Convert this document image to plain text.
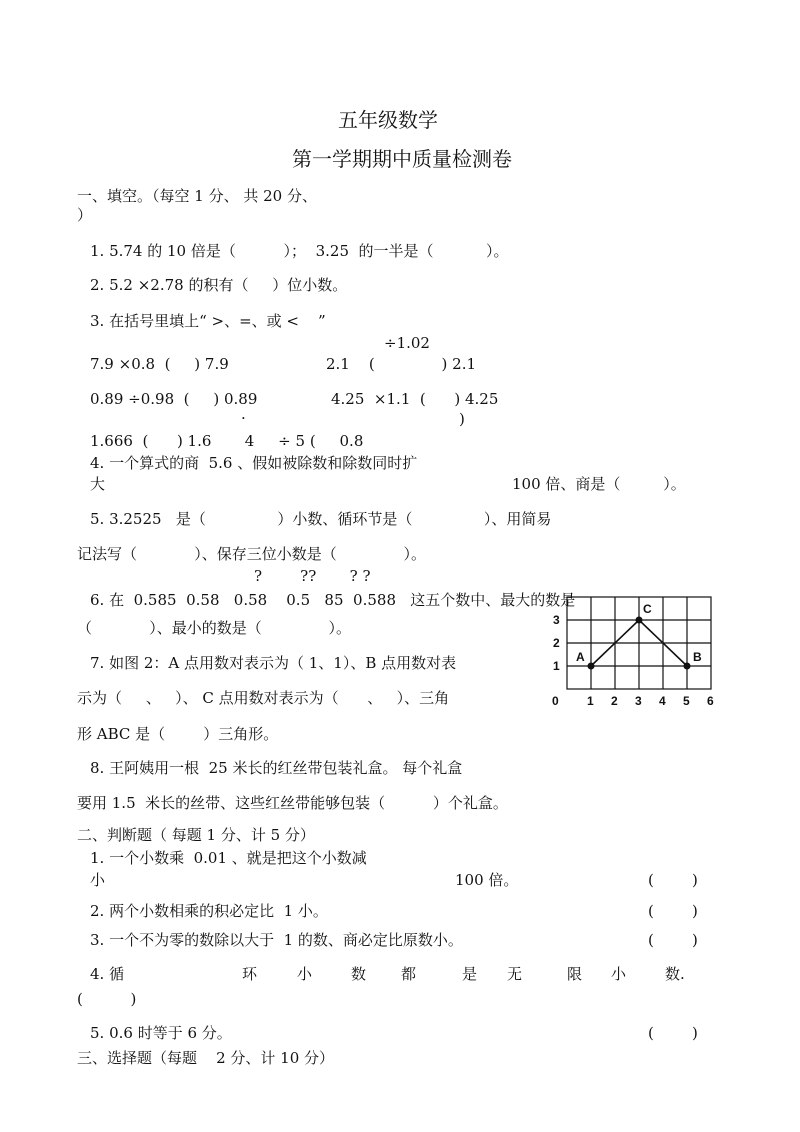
五年级数学
第一学期期中质量检测卷
一、填空。（每空 1 分、 共 20 分、
）
1. 5.74 的 10 倍是（          ）；  3.25  的一半是（           ）。
2. 5.2 ×2.78 的积有（     ）位小数。
3. 在括号里填上“ >、=、或 <    ”
÷1.02
7.9 ×0.8  (     ) 7.9	2.1    (              ) 2.1
0.89 ÷0.98  (     ) 0.89	4.25  ×1.1  (      ) 4.25
·	)
1.666  (      ) 1.6       4     ÷ 5 (     0.8
4. 一个算式的商  5.6 、假如被除数和除数同时扩
大	100 倍、商是（         ）。
5. 3.2525   是（               ）小数、循环节是（               ）、用简易
记法写（            ）、保存三位小数是（              ）。
?        ??       ? ?
6. 在  0.585  0.58   0.58    0.5   85  0.588   这五个数中、最大的数是
（            ）、最小的数是（              ）。
7. 如图 2：A 点用数对表示为（ 1、1）、B 点用数对表
示为（     、   ）、 C 点用数对表示为（      、   ）、三角
形 ABC 是（        ）三角形。
8. 王阿姨用一根  25 米长的红丝带包装礼盒。 每个礼盒
要用 1.5  米长的丝带、这些红丝带能够包装（          ）个礼盒。
A	B
C
0 1 2 3 4 5 6
1
2
3
二、判断题（ 每题 1 分、计 5 分）
1. 一个小数乘  0.01 、就是把这个小数减
小	100 倍。	(        )
2. 两个小数相乘的积必定比  1 小。	(        )
3. 一个不为零的数除以大于  1 的数、商必定比原数小。	(        )
4. 循	环	小	数 都	是 无	限 小	数.
(          )
5. 0.6 时等于 6 分。	(        )
三、选择题（每题    2 分、计 10 分）
